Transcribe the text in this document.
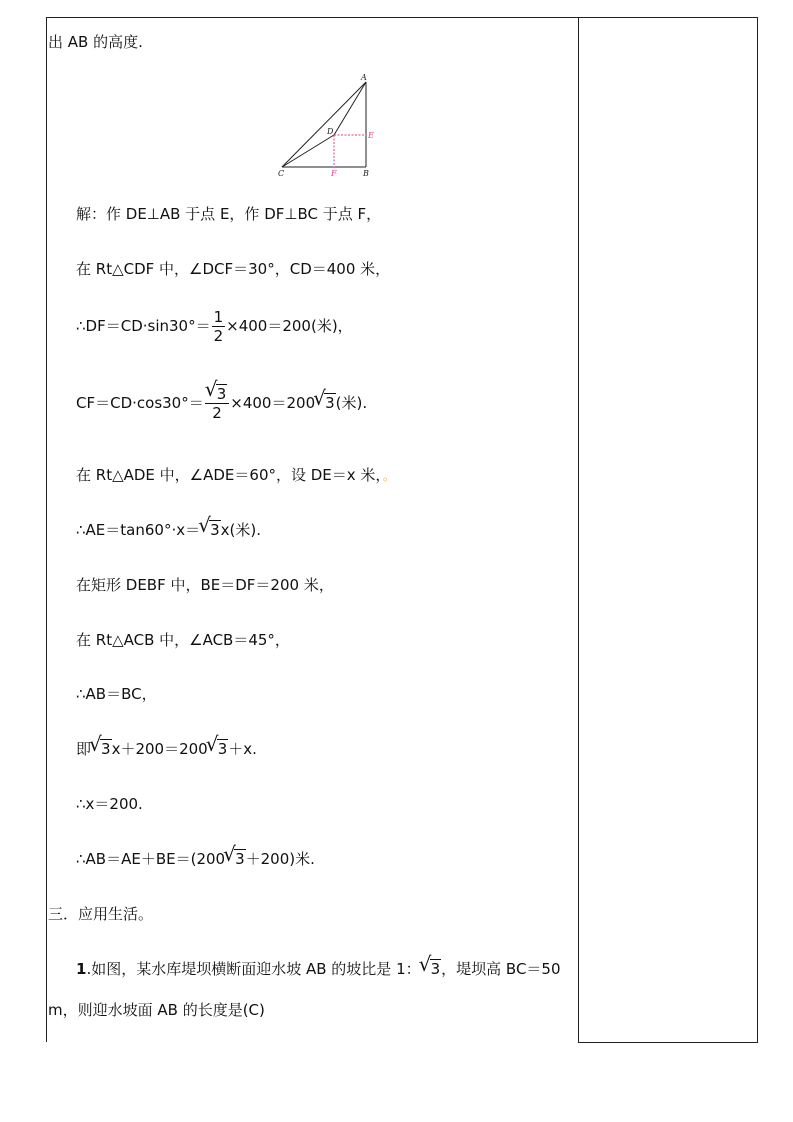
出 AB 的高度.
A
D	E
C	F	B
解：作 DE⊥AB 于点 E，作 DF⊥BC 于点 F，
在 Rt△CDF 中，∠DCF＝30°，CD＝400 米，
∴DF＝CD·sin30°＝ $\frac{1}{2} \times 400=200$(米)，
CF＝CD·cos30°＝
√ $\frac{3}{2} \times 400=200√$ 3(米).
在 Rt△ADE 中，∠ADE＝60°，设 DE＝x 米，。
∴AE＝tan60°·x＝√ 3x(米).
在矩形 DEBF 中，BE＝DF＝200 米，
在 Rt△ACB 中，∠ACB＝45°，
∴AB＝BC，
即√ 3x＋200＝200√ 3＋x.
∴x＝200.
∴AB＝AE＋BE＝(200√ 3＋200)米.
三．应用生活。
1.如图，某水库堤坝横断面迎水坡 AB 的坡比是 1：√ 3，堤坝高 BC＝50
m，则迎水坡面 AB 的长度是(C)
